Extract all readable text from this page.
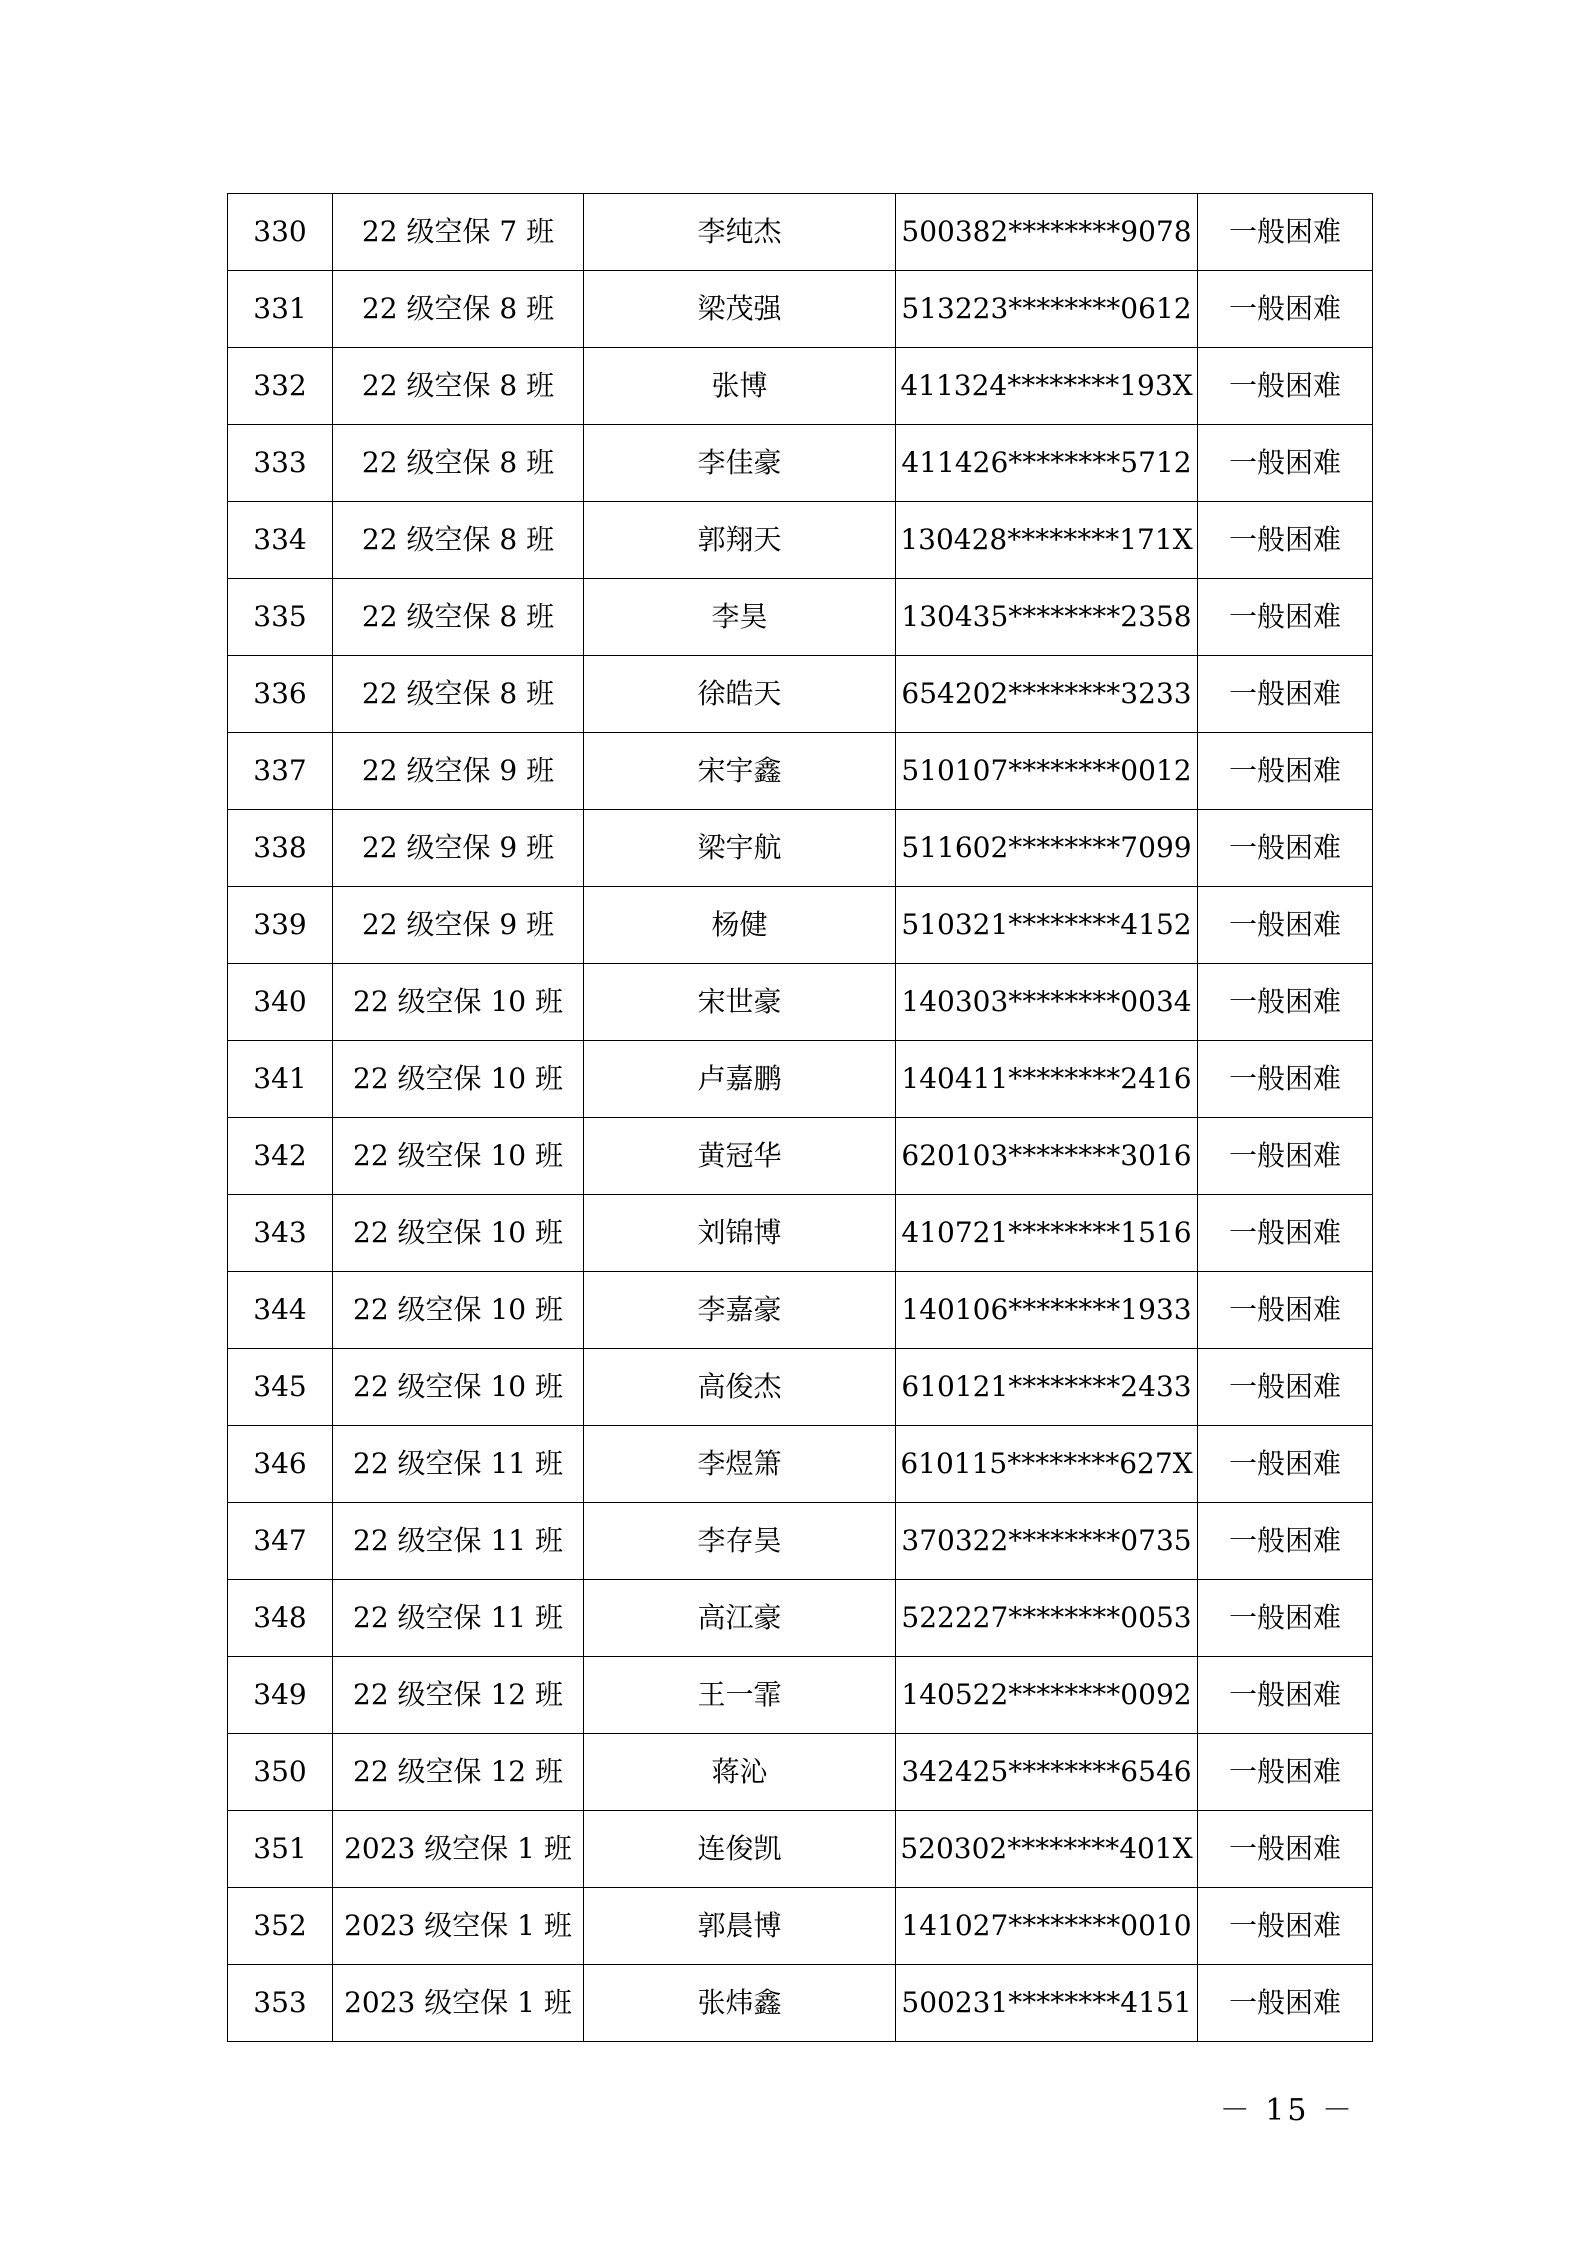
330	22 级空保 7 班	李纯杰	500382********9078	一般困难
331	22 级空保 8 班	梁茂强	513223********0612	一般困难
332	22 级空保 8 班	张博	411324********193X	一般困难
333	22 级空保 8 班	李佳豪	411426********5712	一般困难
334	22 级空保 8 班	郭翔天	130428********171X	一般困难
335	22 级空保 8 班	李昊	130435********2358	一般困难
336	22 级空保 8 班	徐皓天	654202********3233	一般困难
337	22 级空保 9 班	宋宇鑫	510107********0012	一般困难
338	22 级空保 9 班	梁宇航	511602********7099	一般困难
339	22 级空保 9 班	杨健	510321********4152	一般困难
340	22 级空保 10 班	宋世豪	140303********0034	一般困难
341	22 级空保 10 班	卢嘉鹏	140411********2416	一般困难
342	22 级空保 10 班	黄冠华	620103********3016	一般困难
343	22 级空保 10 班	刘锦博	410721********1516	一般困难
344	22 级空保 10 班	李嘉豪	140106********1933	一般困难
345	22 级空保 10 班	高俊杰	610121********2433	一般困难
346	22 级空保 11 班	李煜箫	610115********627X	一般困难
347	22 级空保 11 班	李存昊	370322********0735	一般困难
348	22 级空保 11 班	高江豪	522227********0053	一般困难
349	22 级空保 12 班	王一霏	140522********0092	一般困难
350	22 级空保 12 班	蒋沁	342425********6546	一般困难
351	2023 级空保 1 班	连俊凯	520302********401X	一般困难
352	2023 级空保 1 班	郭晨博	141027********0010	一般困难
353	2023 级空保 1 班	张炜鑫	500231********4151	一般困难
－ 15 －
